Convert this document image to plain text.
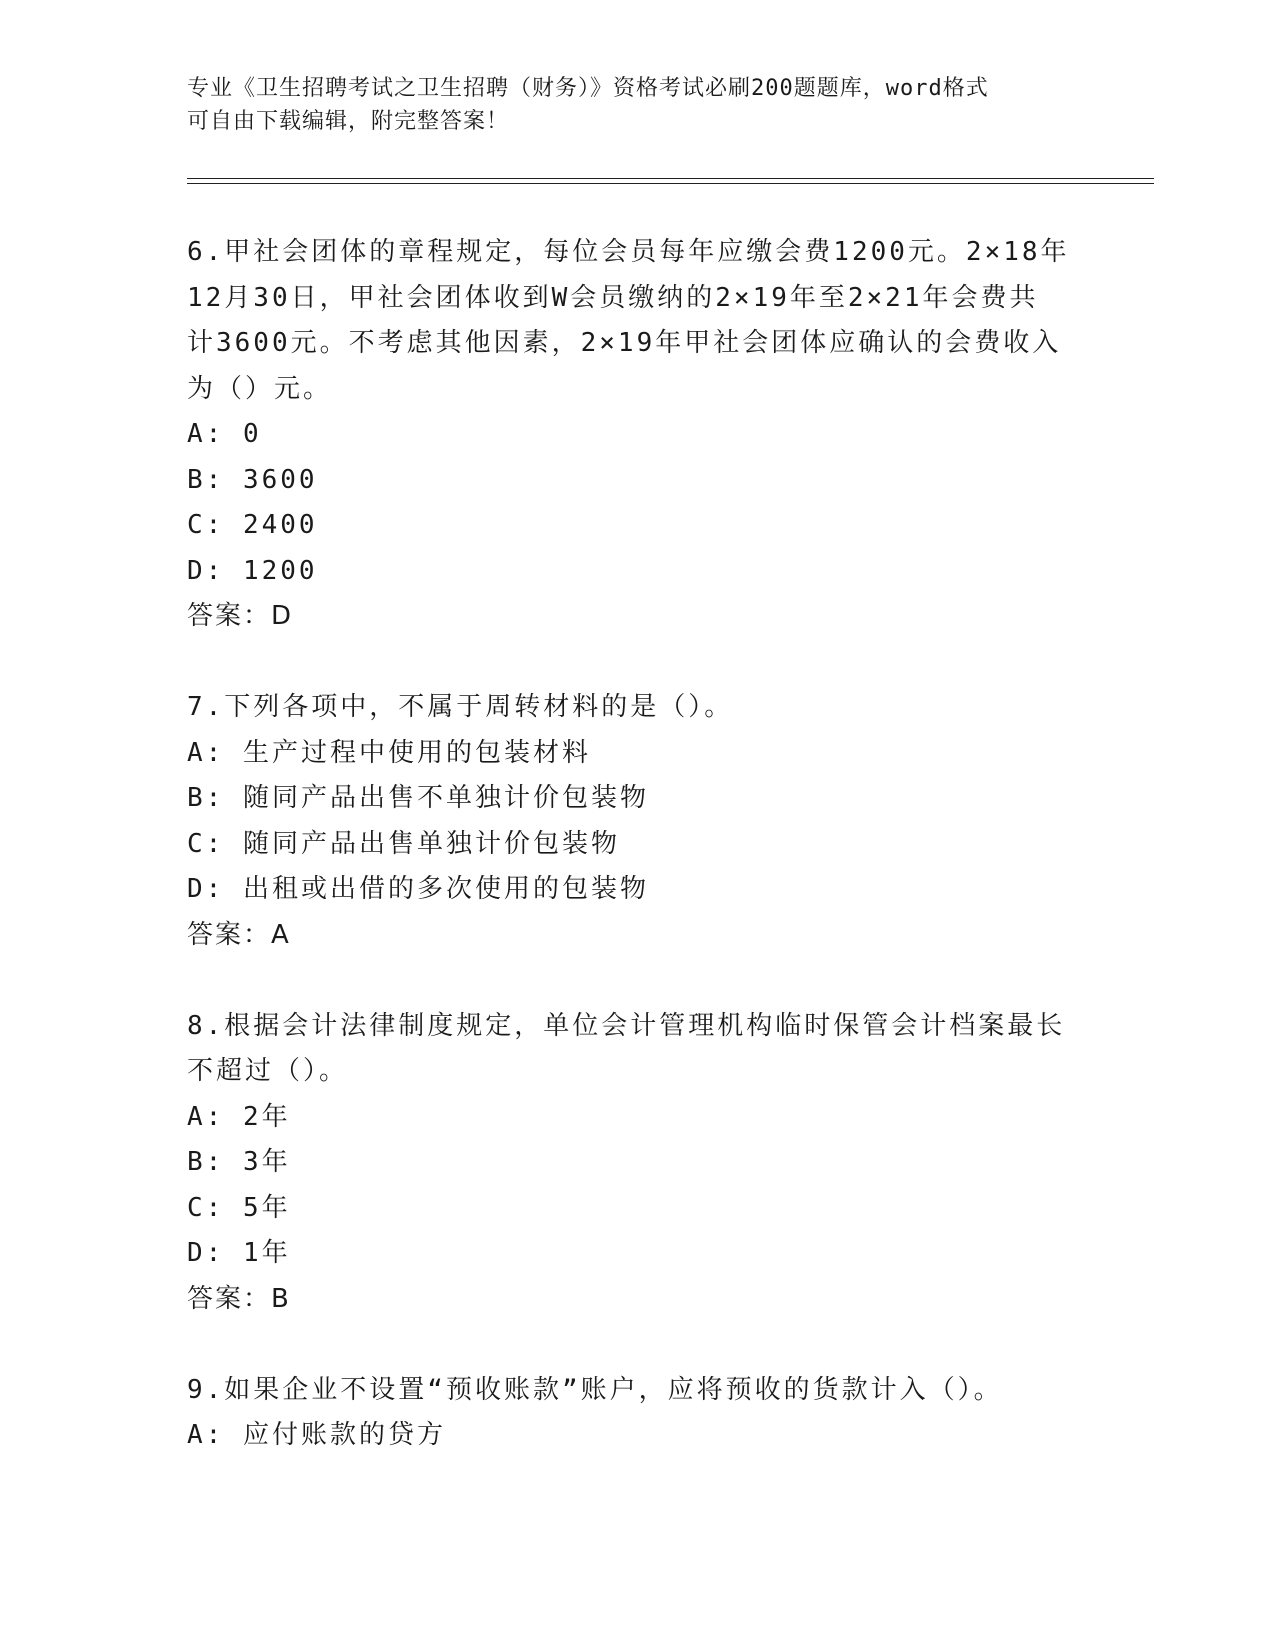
专业《卫生招聘考试之卫生招聘（财务）》资格考试必刷200题题库，word格式
可自由下载编辑，附完整答案！

6.甲社会团体的章程规定，每位会员每年应缴会费1200元。2×18年

12月30日，甲社会团体收到W会员缴纳的2×19年至2×21年会费共

计3600元。不考虑其他因素，2×19年甲社会团体应确认的会费收入

为（）元。

A: 0

B: 3600

C: 2400

D: 1200

答案：D

7.下列各项中，不属于周转材料的是（）。

A: 生产过程中使用的包装材料

B: 随同产品出售不单独计价包装物

C: 随同产品出售单独计价包装物

D: 出租或出借的多次使用的包装物

答案：A

8.根据会计法律制度规定，单位会计管理机构临时保管会计档案最长

不超过（）。

A: 2年

B: 3年

C: 5年

D: 1年

答案：B

9.如果企业不设置“预收账款”账户，应将预收的货款计入（）。

A: 应付账款的贷方
